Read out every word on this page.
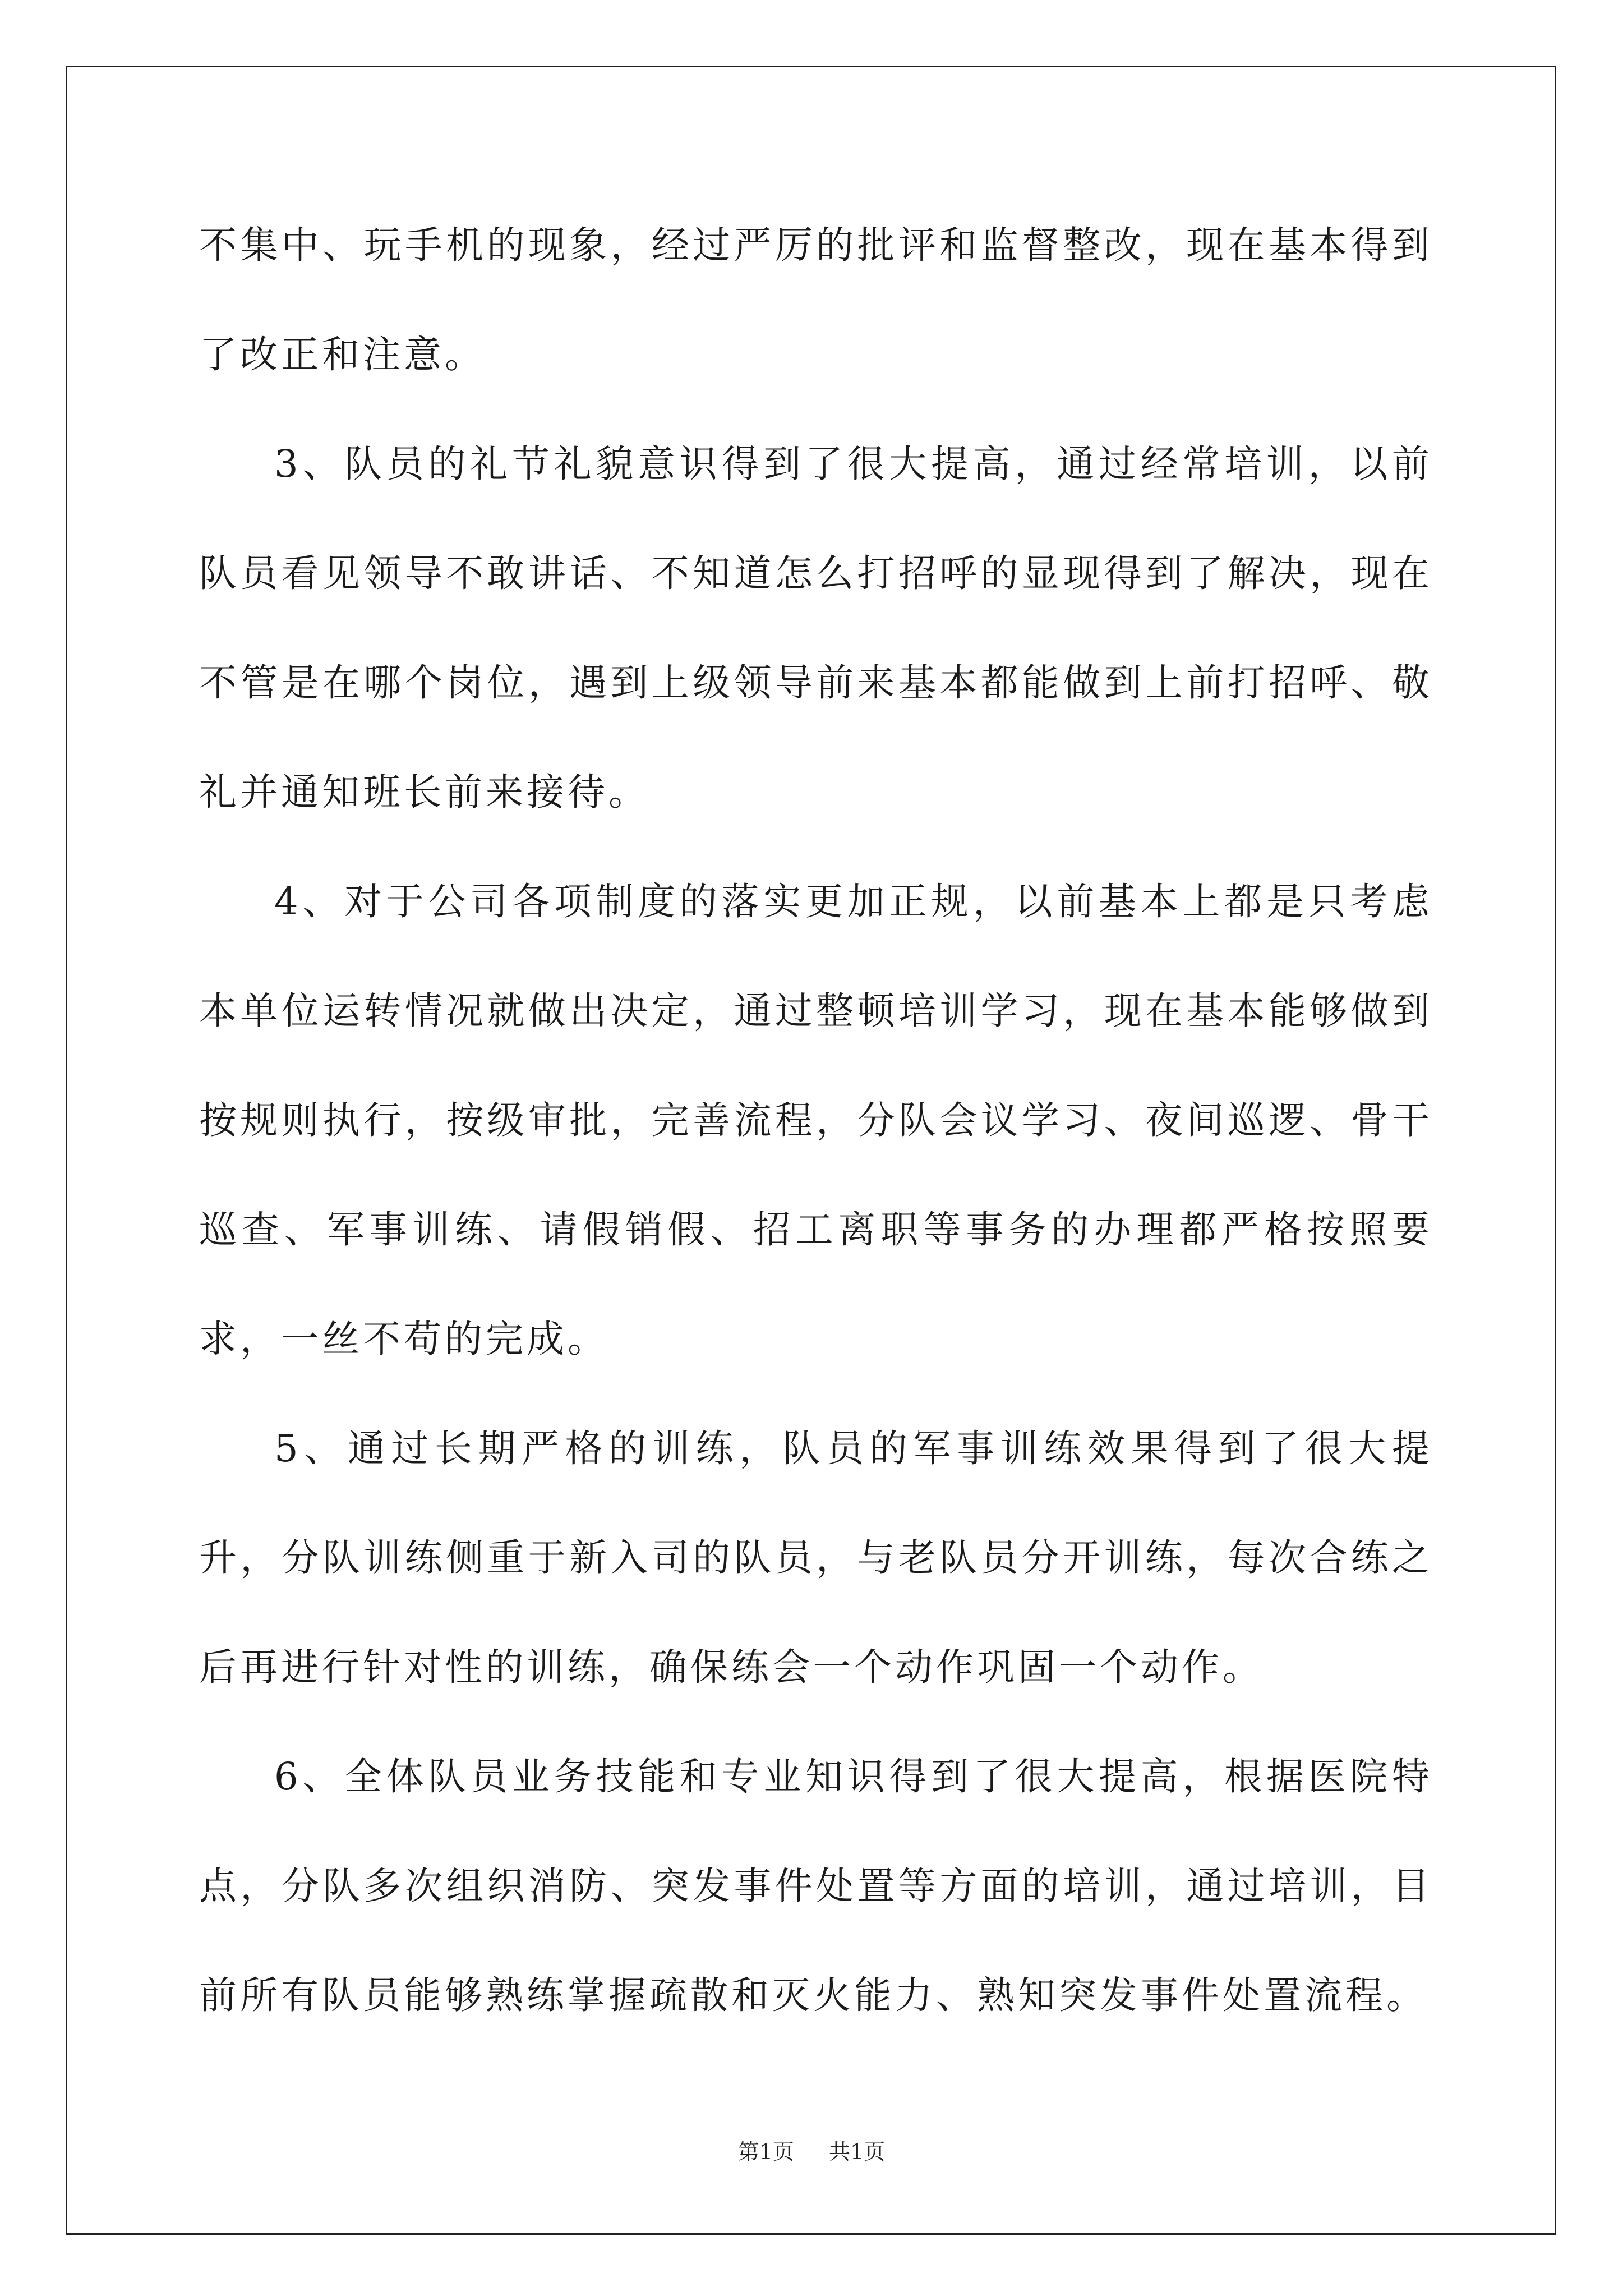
不集中、玩手机的现象，经过严厉的批评和监督整改，现在基本得到了改正和注意。

3、队员的礼节礼貌意识得到了很大提高，通过经常培训，以前队员看见领导不敢讲话、不知道怎么打招呼的显现得到了解决，现在不管是在哪个岗位，遇到上级领导前来基本都能做到上前打招呼、敬礼并通知班长前来接待。

4、对于公司各项制度的落实更加正规，以前基本上都是只考虑本单位运转情况就做出决定，通过整顿培训学习，现在基本能够做到按规则执行，按级审批，完善流程，分队会议学习、夜间巡逻、骨干巡查、军事训练、请假销假、招工离职等事务的办理都严格按照要求，一丝不苟的完成。

5、通过长期严格的训练，队员的军事训练效果得到了很大提升，分队训练侧重于新入司的队员，与老队员分开训练，每次合练之后再进行针对性的训练，确保练会一个动作巩固一个动作。

6、全体队员业务技能和专业知识得到了很大提高，根据医院特点，分队多次组织消防、突发事件处置等方面的培训，通过培训，目前所有队员能够熟练掌握疏散和灭火能力、熟知突发事件处置流程。

第1页 共1页
